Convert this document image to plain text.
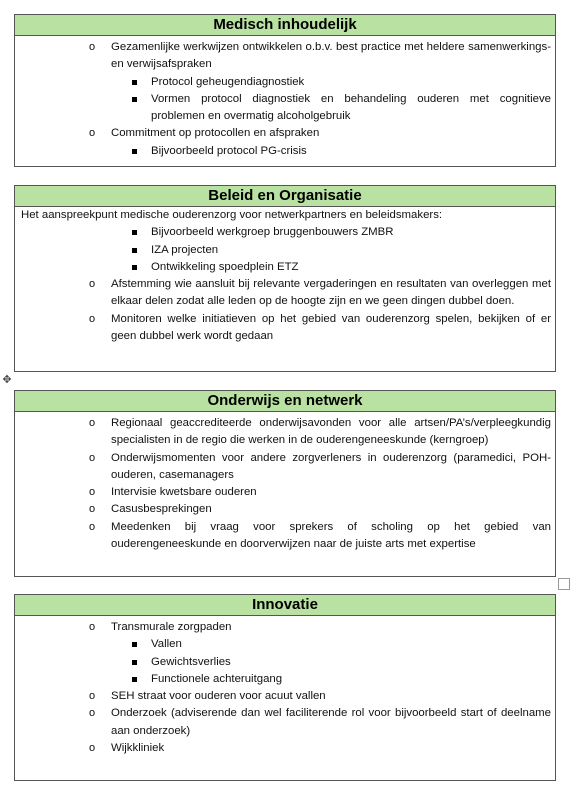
Medisch inhoudelijk
o Gezamenlijke werkwijzen ontwikkelen o.b.v. best practice met heldere samenwerkings- en verwijsafspraken
Protocol geheugendiagnostiek
Vormen protocol diagnostiek en behandeling ouderen met cognitieve problemen en overmatig alcoholgebruik
o Commitment op protocollen en afspraken
Bijvoorbeeld protocol PG-crisis
Beleid en Organisatie
Het aanspreekpunt medische ouderenzorg voor netwerkpartners en beleidsmakers:
Bijvoorbeeld werkgroep bruggenbouwers ZMBR
IZA projecten
Ontwikkeling spoedplein ETZ
o Afstemming wie aansluit bij relevante vergaderingen en resultaten van overleggen met elkaar delen zodat alle leden op de hoogte zijn en we geen dingen dubbel doen.
o Monitoren welke initiatieven op het gebied van ouderenzorg spelen, bekijken of er geen dubbel werk wordt gedaan
✥
Onderwijs en netwerk
o Regionaal geaccrediteerde onderwijsavonden voor alle artsen/PA’s/verpleegkundig specialisten in de regio die werken in de ouderengeneeskunde (kerngroep)
o Onderwijsmomenten voor andere zorgverleners in ouderenzorg (paramedici, POH-ouderen, casemanagers
o Intervisie kwetsbare ouderen
o Casusbesprekingen
o Meedenken bij vraag voor sprekers of scholing op het gebied van ouderengeneeskunde en doorverwijzen naar de juiste arts met expertise
Innovatie
o Transmurale zorgpaden
Vallen
Gewichtsverlies
Functionele achteruitgang
o SEH straat voor ouderen voor acuut vallen
o Onderzoek (adviserende dan wel faciliterende rol voor bijvoorbeeld start of deelname aan onderzoek)
o Wijkkliniek
